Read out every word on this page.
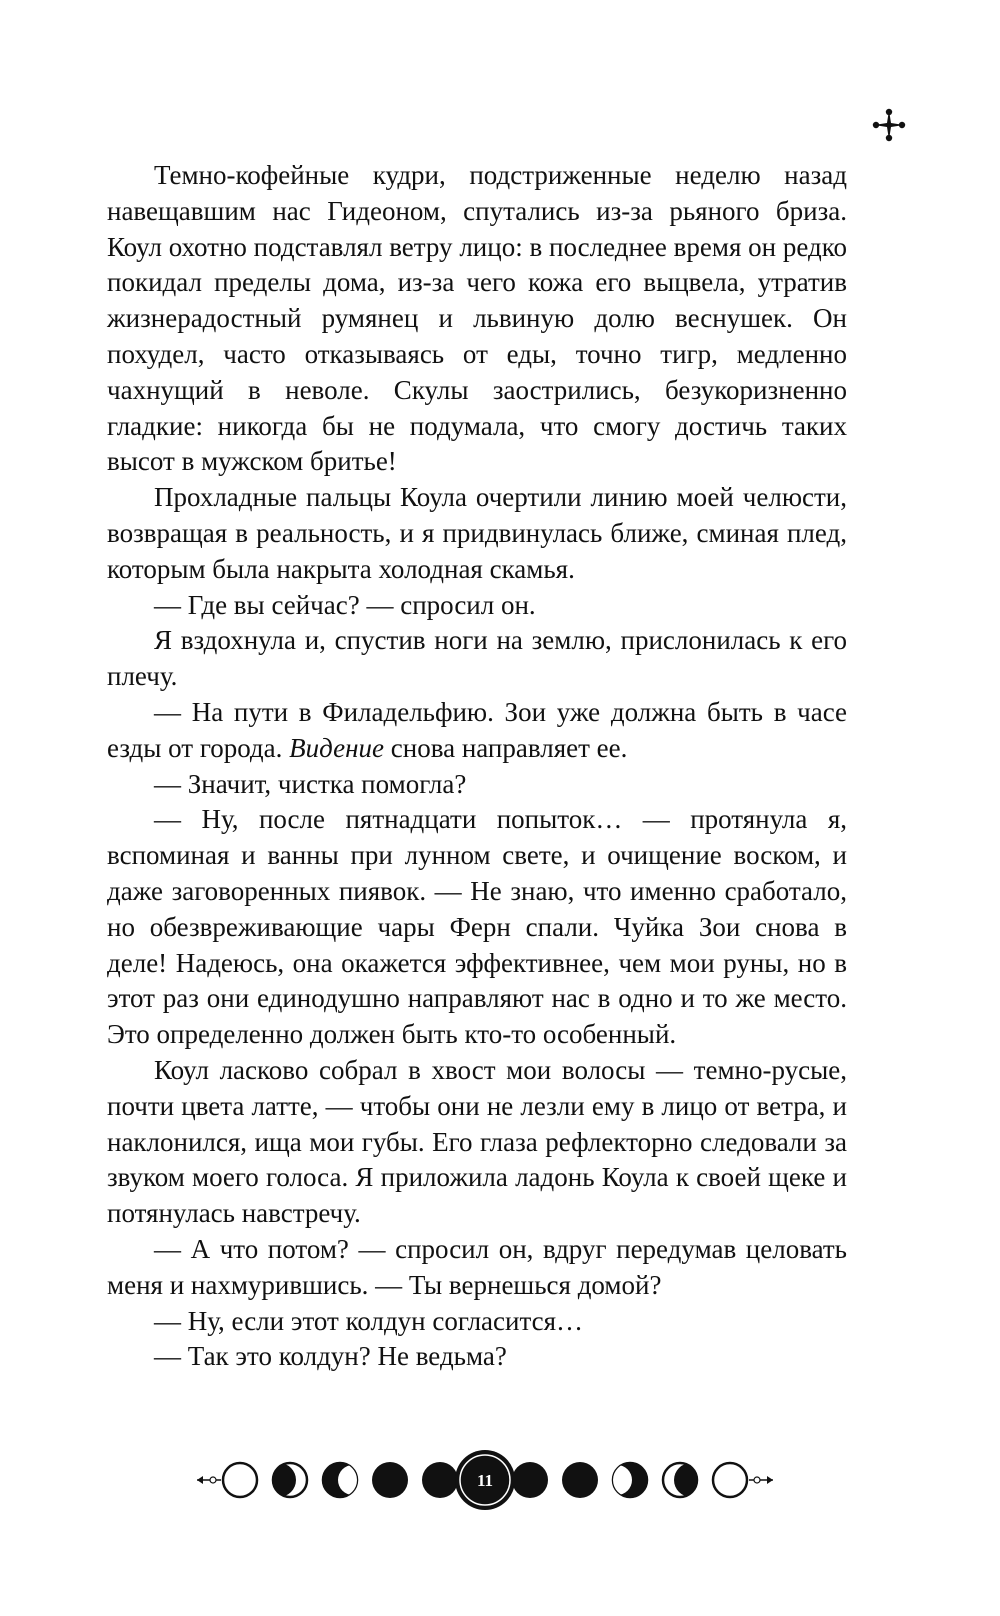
Темно-кофейные кудри, подстриженные неделю назад навещавшим нас Гидеоном, спутались из-за рьяного бриза. Коул охотно подставлял ветру лицо: в последнее время он редко покидал пределы дома, из-за чего кожа его выцвела, утратив жизнерадостный румянец и львиную долю веснушек. Он похудел, часто отказываясь от еды, точно тигр, медленно чахнущий в неволе. Скулы заострились, безукоризненно гладкие: никогда бы не подумала, что смогу достичь таких высот в мужском бритье!

Прохладные пальцы Коула очертили линию моей челюсти, возвращая в реальность, и я придвинулась ближе, сминая плед, которым была накрыта холодная скамья.

— Где вы сейчас? — спросил он.

Я вздохнула и, спустив ноги на землю, прислонилась к его плечу.

— На пути в Филадельфию. Зои уже должна быть в часе езды от города. Видение снова направляет ее.

— Значит, чистка помогла?

— Ну, после пятнадцати попыток… — протянула я, вспоминая и ванны при лунном свете, и очищение воском, и даже заговоренных пиявок. — Не знаю, что именно сработало, но обезвреживающие чары Ферн спали. Чуйка Зои снова в деле! Надеюсь, она окажется эффективнее, чем мои руны, но в этот раз они единодушно направляют нас в одно и то же место. Это определенно должен быть кто-то особенный.

Коул ласково собрал в хвост мои волосы — темно-русые, почти цвета латте, — чтобы они не лезли ему в лицо от ветра, и наклонился, ища мои губы. Его глаза рефлекторно следовали за звуком моего голоса. Я приложила ладонь Коула к своей щеке и потянулась навстречу.

— А что потом? — спросил он, вдруг передумав целовать меня и нахмурившись. — Ты вернешься домой?

— Ну, если этот колдун согласится…

— Так это колдун? Не ведьма?

11
